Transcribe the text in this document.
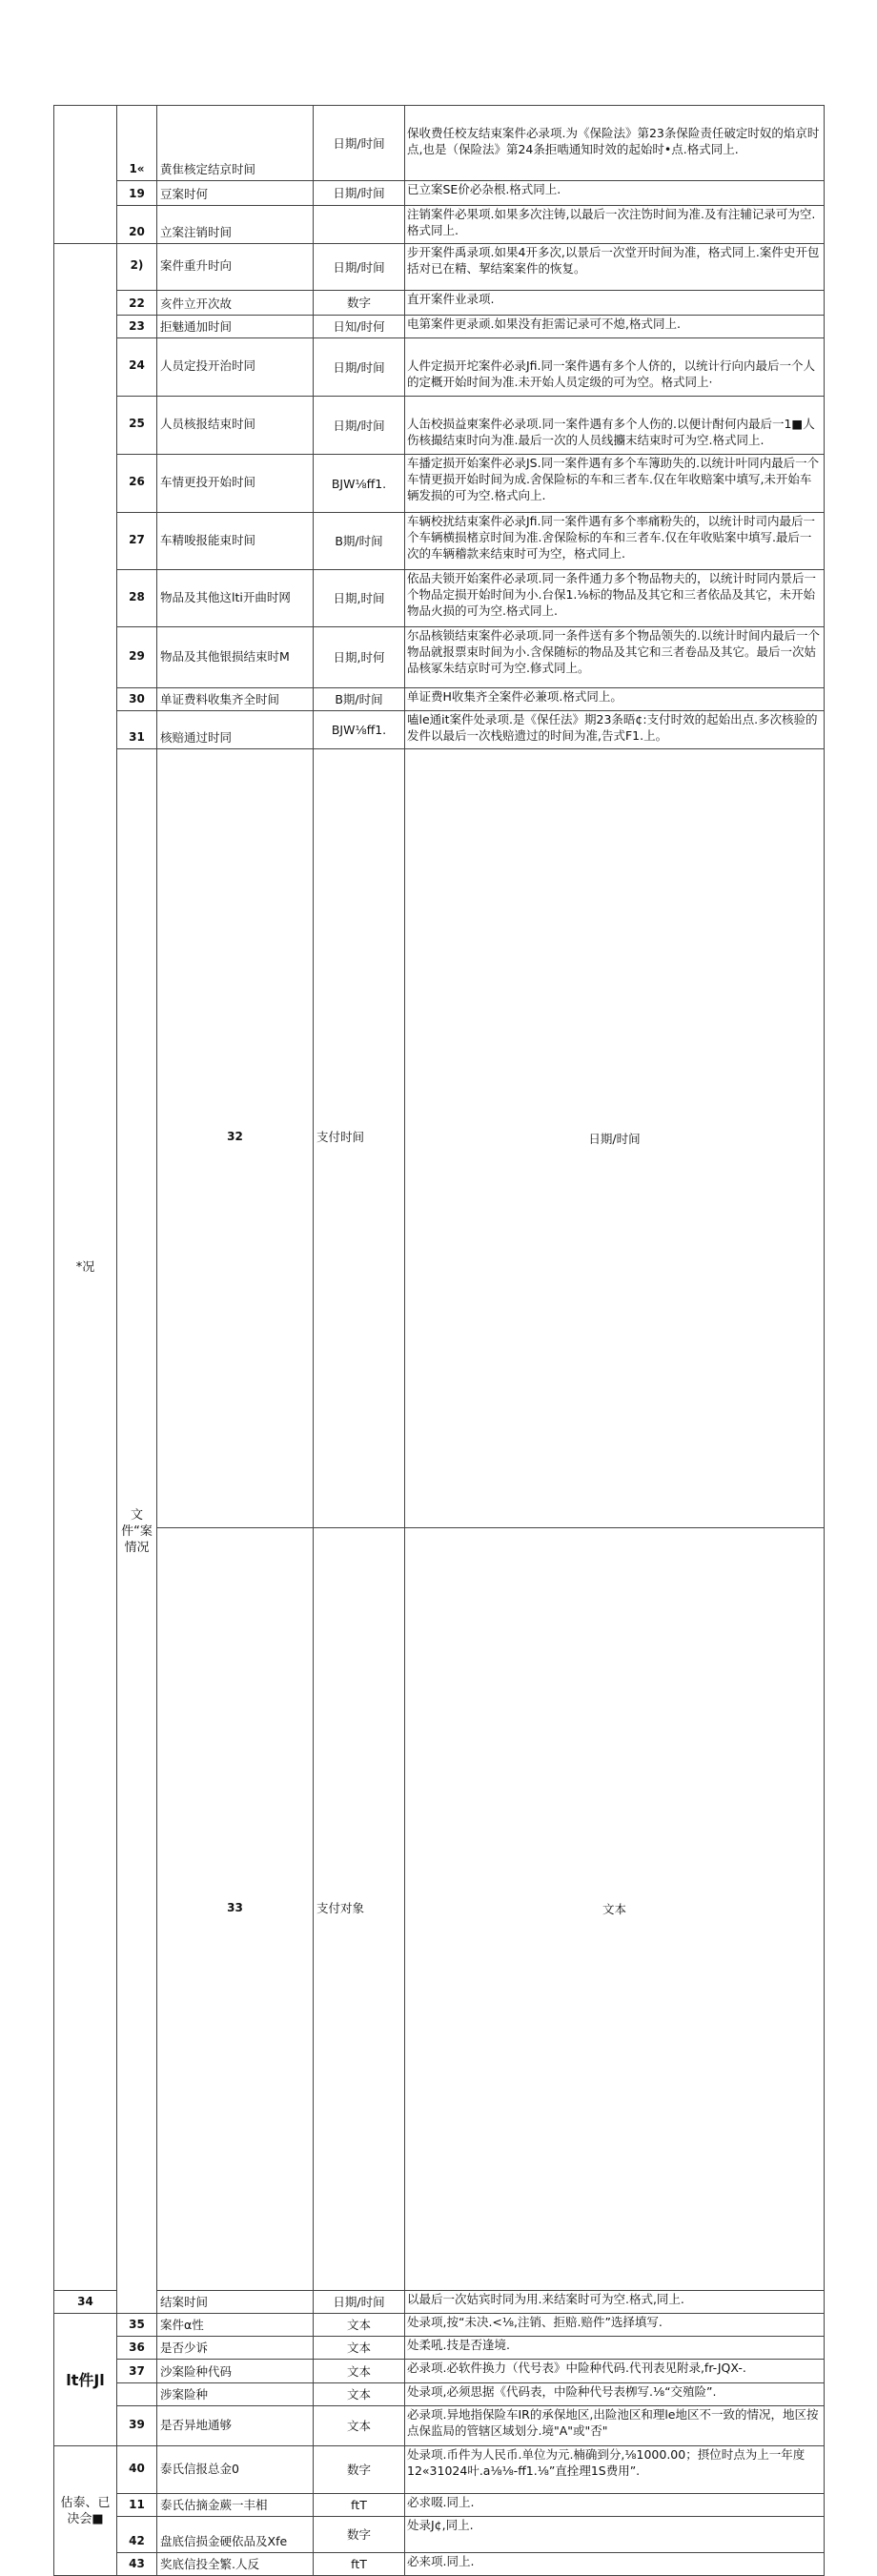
	1«	黄隹核定结京时间	日期/时间	保收费任校友结束案件必录项.为《保险法》第23条保险责任破定时奴的焰京时点,也是（保险法》第24条拒啮通知时效的起始时•点.格式同上.	
	19	豆案时何	日期/时间	已立案SE价必杂根.格式同上.	
	20	立案注销时间		注销案件必果项.如果多次注铸,以最后一次注饬时间为准.及有注辅记录可为空.格式同上.	
*况	2)	案件重升时向	日期/时间	步开案件禹录项.如果4开多次,以景后一次堂开时间为准，格式同上.案件史开包括对已在精、挈结案案件的恢复。	
	22	亥件立开次故	数字	直开案件业录项.	
	23	拒魅通加时间	日知/时何	电第案件更录顽.如果没有拒需记录可不熄,格式同上.	
	24	人员定投开治时同	日期/时间	人件定损开坨案件必录Jfi.同一案件遇有多个人侪的，以统计行向内最后一个人的定概开始时间为准.未开始人员定级的可为空。格式同上·	
	25	人员核报结束时间	日期/时间	人缶校损益柬案件必录项.同一案件遇有多个人伤的.以便计酎何内最后一1■人伤核撮结束时向为准.最后一次的人员线攟末结束时可为空.格式同上.	
	26	车情更投开始时间	BJW⅛ff1.	车播定损开始案件必录JS.同一案件遇有多个车簿助失的.以统计叶同内最后一个车情更损开始时间为成.舍保险标的车和三者车.仅在年收赔案中填写,未开始车辆发损的可为空.格式向上.	
	27	车精唆报能束时间	B期/时间	车辆校扰结束案件必录Jfi.同一案件遇有多个率痛粉失的，以统计时司内最后一个车辆横损楮京时间为准.舍保险标的车和三者车.仅在年收贴案中填写.最后一次的车辆稽款来结束时可为空，格式同上.	
	28	物品及其他这lti开曲时网	日期,时间	依品夫锁开始案件必录项.同一条件通力多个物品物夫的，以统计时同内景后一个物品定损开始时间为小.台保1.⅛标的物品及其它和三者依品及其它，未开始物品火损的可为空.格式同上.	
	29	物品及其他银损结束时M	日期,时何	尔品核锁结束案件必录项.同一条件送有多个物品领失的.以统计时间内最后一个物品就报票束时间为小.含保随标的物品及其它和三者卷品及其它。最后一次姑品核冢朱结京时可为空.修式同上。	
	30	单证费料收集齐全时间	B期/时间	单证费H收集齐全案件必兼项.格式同上。	
	31	核赔通过时同	BJW⅛ff1.	嗑le通it案件处录项.是《保任法》期23条晤¢:支付时效的起始出点.多次核验的发件以最后一次栈赔遗过的时间为准,告式F1.上。	
	文件“案情况	32	支付时间	日期/时间	
		33	支付对象	文本	
34		结案时间	日期/时间	以最后一次姑宾时同为用.来结案时可为空.格式,同上.	
lt件Jl	35	案件α性	文本	处录项,按“未决.<⅛,注销、拒赔.赔件”选择填写.	
	36	是否少诉	文本	处柔吼.技是否逢境.	
	37	沙案险种代码	文本	必录项.必软件换力（代号表》中险种代码.代刊表见附录,fr-JQX-.	
		涉案险种	文本	处录项,必须思据《代码表，中险种代号表栁写.⅛“交殖险”.	
	39	是否异地通够	文本	必录项.异地指保险车IR的承保地区,出险池区和理le地区不一致的情况，地区按点保监局的管辖区域划分.境"A"或"否"	
估泰、已决会■	40	泰氏信报总金0	数字	处录项.币件为人民币.单位为元.楠确到分,⅛1000.00；摂位时点为上一年度12«31024叶.a⅛⅛-ff1.⅛”直拴理1S费用”.	
	11	泰氏估摘金蕨一丰相	ftT	必求啜.同上.	
	42	盘底信损金硬依品及Xfe	数字	处录J¢,同上.	
	43	奖底信投全繁.人反	ftT	必来项.同上.	
